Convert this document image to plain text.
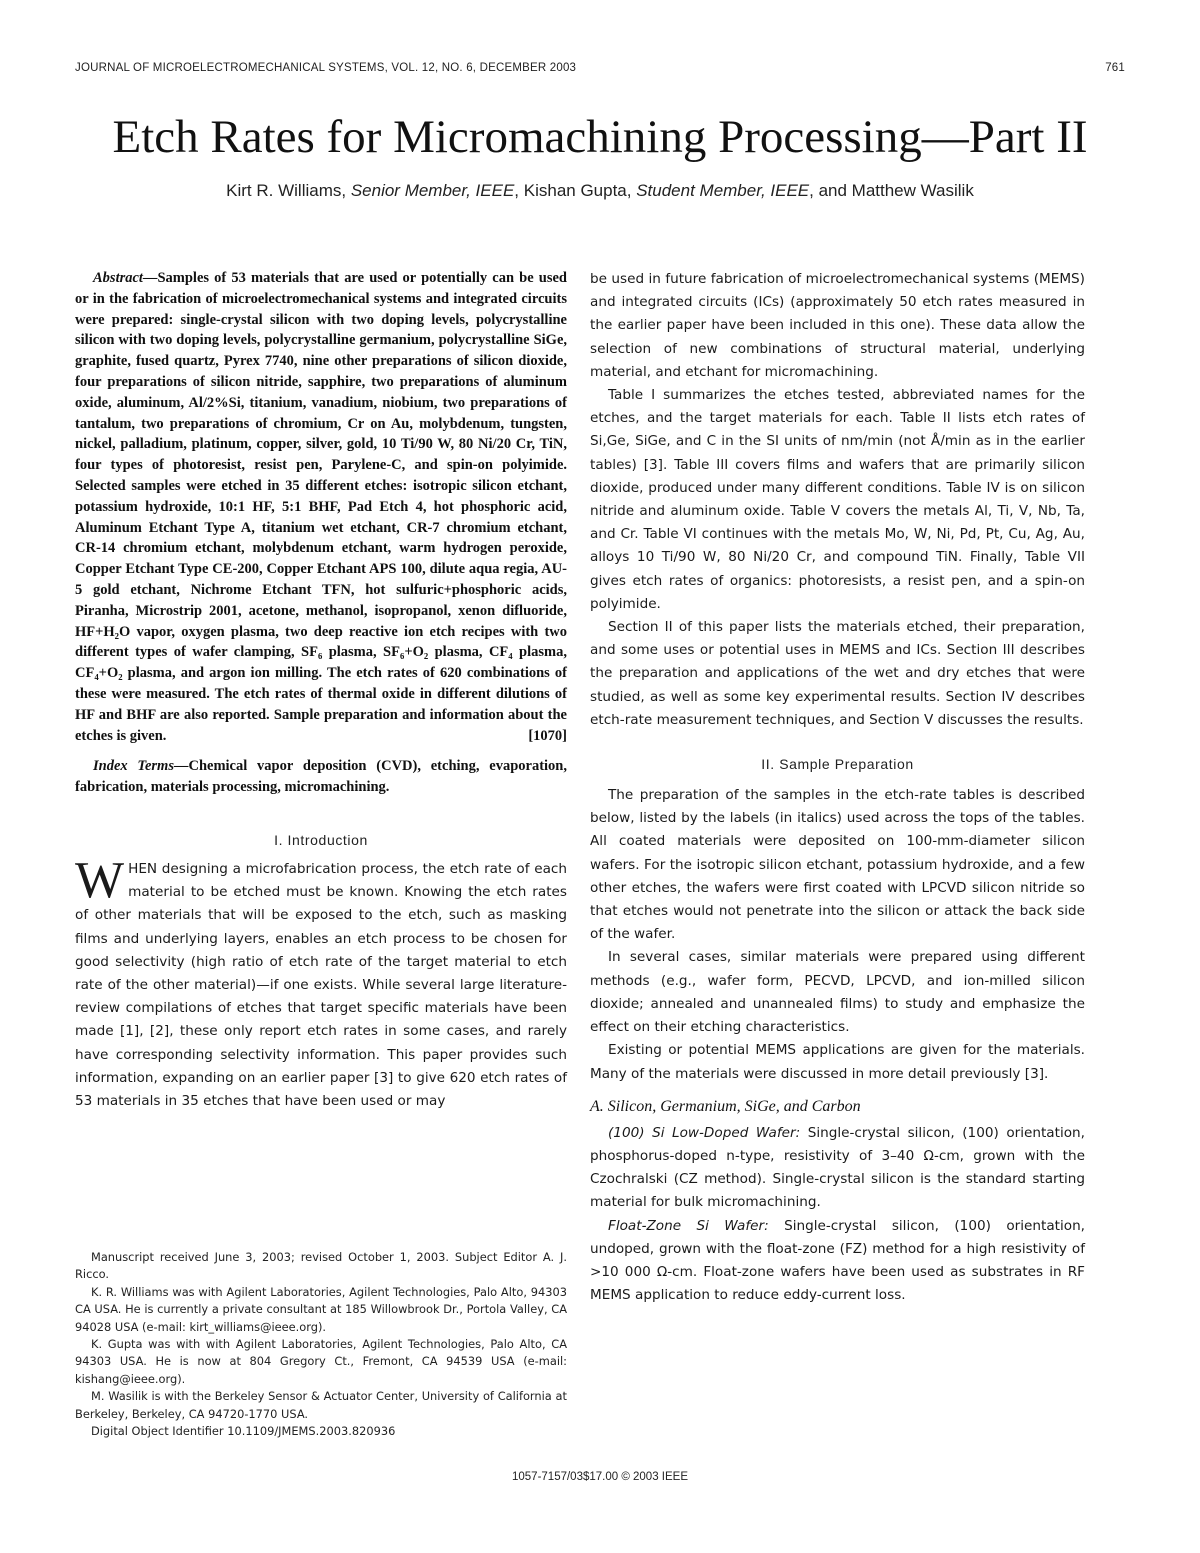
JOURNAL OF MICROELECTROMECHANICAL SYSTEMS, VOL. 12, NO. 6, DECEMBER 2003	761
Etch Rates for Micromachining Processing—Part II
Kirt R. Williams, Senior Member, IEEE, Kishan Gupta, Student Member, IEEE, and Matthew Wasilik

Abstract—Samples of 53 materials that are used or potentially can be used or in the fabrication of microelectromechanical systems and integrated circuits were prepared: single-crystal silicon with two doping levels, polycrystalline silicon with two doping levels, polycrystalline germanium, polycrystalline SiGe, graphite, fused quartz, Pyrex 7740, nine other preparations of silicon dioxide, four preparations of silicon nitride, sapphire, two preparations of aluminum oxide, aluminum, Al/2%Si, titanium, vanadium, niobium, two preparations of tantalum, two preparations of chromium, Cr on Au, molybdenum, tungsten, nickel, palladium, platinum, copper, silver, gold, 10 Ti/90 W, 80 Ni/20 Cr, TiN, four types of photoresist, resist pen, Parylene-C, and spin-on polyimide. Selected samples were etched in 35 different etches: isotropic silicon etchant, potassium hydroxide, 10:1 HF, 5:1 BHF, Pad Etch 4, hot phosphoric acid, Aluminum Etchant Type A, titanium wet etchant, CR-7 chromium etchant, CR-14 chromium etchant, molybdenum etchant, warm hydrogen peroxide, Copper Etchant Type CE-200, Copper Etchant APS 100, dilute aqua regia, AU-5 gold etchant, Nichrome Etchant TFN, hot sulfuric+phosphoric acids, Piranha, Microstrip 2001, acetone, methanol, isopropanol, xenon difluoride, HF+H₂O vapor, oxygen plasma, two deep reactive ion etch recipes with two different types of wafer clamping, SF₆ plasma, SF₆+O₂ plasma, CF₄ plasma, CF₄+O₂ plasma, and argon ion milling. The etch rates of 620 combinations of these were measured. The etch rates of thermal oxide in different dilutions of HF and BHF are also reported. Sample preparation and information about the etches is given.	[1070]

Index Terms—Chemical vapor deposition (CVD), etching, evaporation, fabrication, materials processing, micromachining.

I. Introduction

WHEN designing a microfabrication process, the etch rate of each material to be etched must be known. Knowing the etch rates of other materials that will be exposed to the etch, such as masking films and underlying layers, enables an etch process to be chosen for good selectivity (high ratio of etch rate of the target material to etch rate of the other material)—if one exists. While several large literature-review compilations of etches that target specific materials have been made [1], [2], these only report etch rates in some cases, and rarely have corresponding selectivity information. This paper provides such information, expanding on an earlier paper [3] to give 620 etch rates of 53 materials in 35 etches that have been used or may

Manuscript received June 3, 2003; revised October 1, 2003. Subject Editor A. J. Ricco.

K. R. Williams was with Agilent Laboratories, Agilent Technologies, Palo Alto, 94303 CA USA. He is currently a private consultant at 185 Willowbrook Dr., Portola Valley, CA 94028 USA (e-mail: kirt_williams@ieee.org).

K. Gupta was with with Agilent Laboratories, Agilent Technologies, Palo Alto, CA 94303 USA. He is now at 804 Gregory Ct., Fremont, CA 94539 USA (e-mail: kishang@ieee.org).

M. Wasilik is with the Berkeley Sensor & Actuator Center, University of California at Berkeley, Berkeley, CA 94720-1770 USA.

Digital Object Identifier 10.1109/JMEMS.2003.820936

be used in future fabrication of microelectromechanical systems (MEMS) and integrated circuits (ICs) (approximately 50 etch rates measured in the earlier paper have been included in this one). These data allow the selection of new combinations of structural material, underlying material, and etchant for micromachining.

Table I summarizes the etches tested, abbreviated names for the etches, and the target materials for each. Table II lists etch rates of Si,Ge, SiGe, and C in the SI units of nm/min (not Å/min as in the earlier tables) [3]. Table III covers films and wafers that are primarily silicon dioxide, produced under many different conditions. Table IV is on silicon nitride and aluminum oxide. Table V covers the metals Al, Ti, V, Nb, Ta, and Cr. Table VI continues with the metals Mo, W, Ni, Pd, Pt, Cu, Ag, Au, alloys 10 Ti/90 W, 80 Ni/20 Cr, and compound TiN. Finally, Table VII gives etch rates of organics: photoresists, a resist pen, and a spin-on polyimide.

Section II of this paper lists the materials etched, their preparation, and some uses or potential uses in MEMS and ICs. Section III describes the preparation and applications of the wet and dry etches that were studied, as well as some key experimental results. Section IV describes etch-rate measurement techniques, and Section V discusses the results.

II. Sample Preparation

The preparation of the samples in the etch-rate tables is described below, listed by the labels (in italics) used across the tops of the tables. All coated materials were deposited on 100-mm-diameter silicon wafers. For the isotropic silicon etchant, potassium hydroxide, and a few other etches, the wafers were first coated with LPCVD silicon nitride so that etches would not penetrate into the silicon or attack the back side of the wafer.

In several cases, similar materials were prepared using different methods (e.g., wafer form, PECVD, LPCVD, and ion-milled silicon dioxide; annealed and unannealed films) to study and emphasize the effect on their etching characteristics.

Existing or potential MEMS applications are given for the materials. Many of the materials were discussed in more detail previously [3].

A. Silicon, Germanium, SiGe, and Carbon

(100) Si Low-Doped Wafer: Single-crystal silicon, (100) orientation, phosphorus-doped n-type, resistivity of 3–40 Ω-cm, grown with the Czochralski (CZ method). Single-crystal silicon is the standard starting material for bulk micromachining.

Float-Zone Si Wafer: Single-crystal silicon, (100) orientation, undoped, grown with the float-zone (FZ) method for a high resistivity of >10 000 Ω-cm. Float-zone wafers have been used as substrates in RF MEMS application to reduce eddy-current loss.

1057-7157/03$17.00 © 2003 IEEE
